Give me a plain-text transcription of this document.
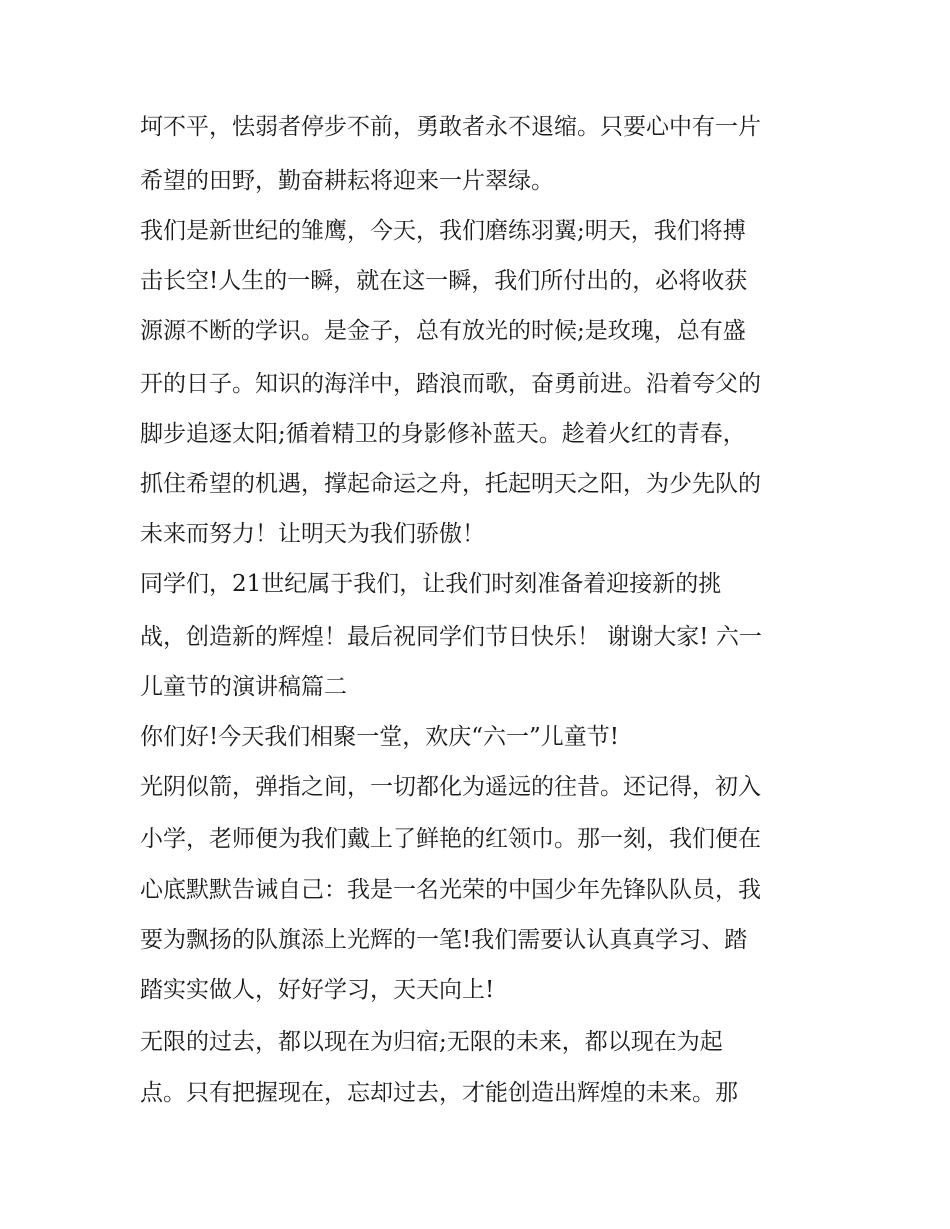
坷不平，怯弱者停步不前，勇敢者永不退缩。只要心中有一片
希望的田野，勤奋耕耘将迎来一片翠绿。
我们是新世纪的雏鹰，今天，我们磨练羽翼;明天，我们将搏
击长空!人生的一瞬，就在这一瞬，我们所付出的，必将收获
源源不断的学识。是金子，总有放光的时候;是玫瑰，总有盛
开的日子。知识的海洋中，踏浪而歌，奋勇前进。沿着夸父的
脚步追逐太阳;循着精卫的身影修补蓝天。趁着火红的青春，
抓住希望的机遇，撑起命运之舟，托起明天之阳，为少先队的
未来而努力！让明天为我们骄傲！
同学们，21世纪属于我们，让我们时刻准备着迎接新的挑
战，创造新的辉煌！最后祝同学们节日快乐！ 谢谢大家! 六一
儿童节的演讲稿篇二
你们好!今天我们相聚一堂，欢庆“六一”儿童节!
光阴似箭，弹指之间，一切都化为遥远的往昔。还记得，初入
小学，老师便为我们戴上了鲜艳的红领巾。那一刻，我们便在
心底默默告诫自己：我是一名光荣的中国少年先锋队队员，我
要为飘扬的队旗添上光辉的一笔!我们需要认认真真学习、踏
踏实实做人，好好学习，天天向上!
无限的过去，都以现在为归宿;无限的未来，都以现在为起
点。只有把握现在，忘却过去，才能创造出辉煌的未来。那
